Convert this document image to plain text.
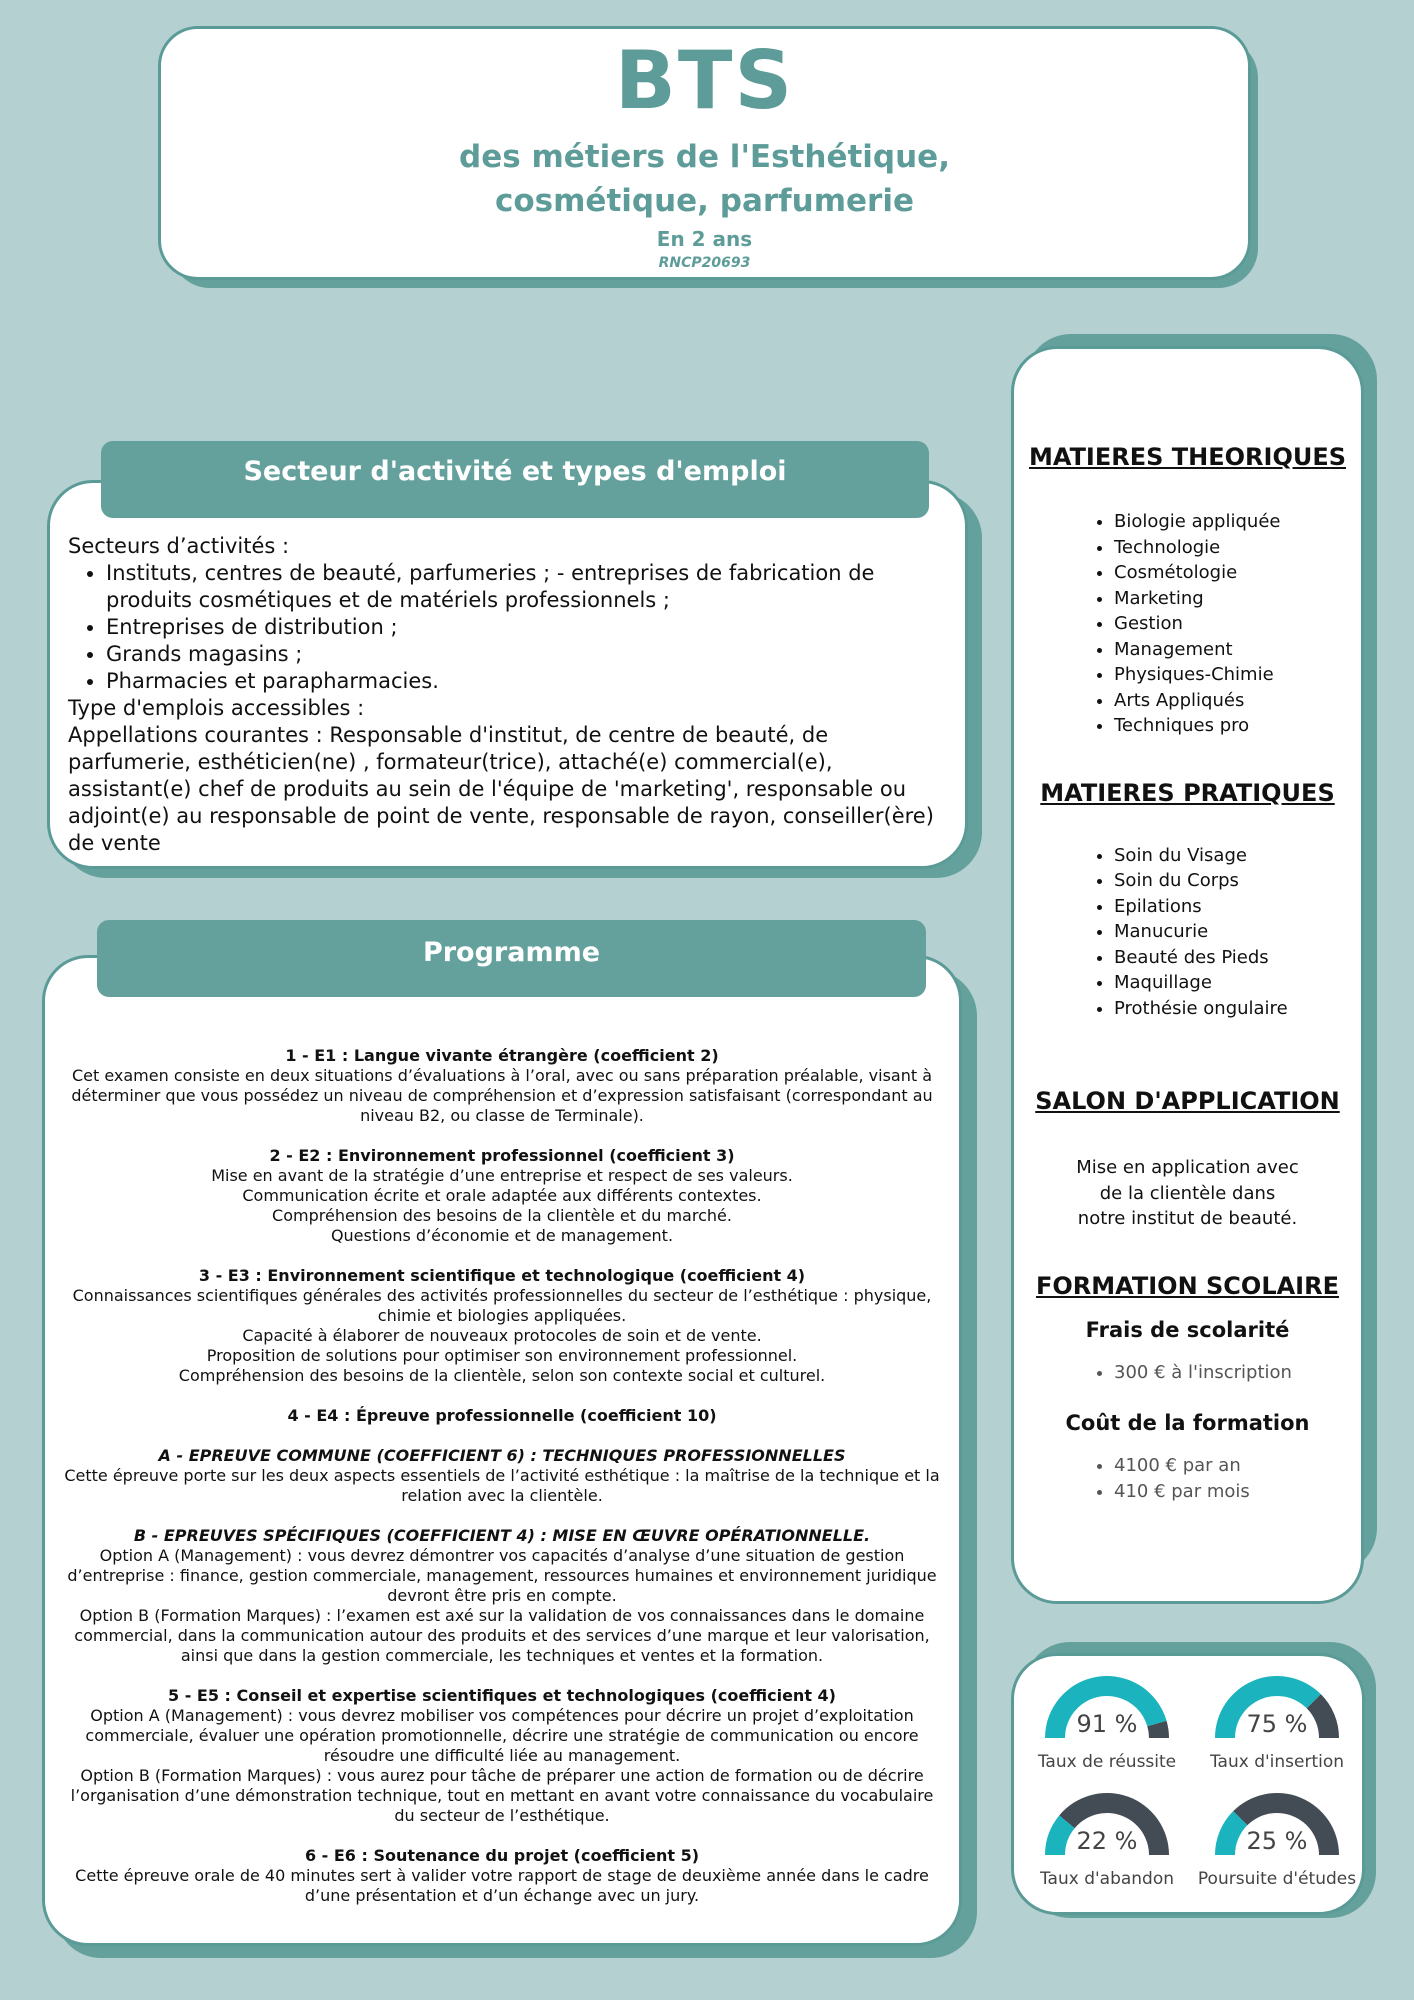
BTS
des métiers de l'Esthétique, cosmétique, parfumerie
En 2 ans
RNCP20693

Secteurs d’activités :

• Instituts, centres de beauté, parfumeries ; - entreprises de fabrication de produits cosmétiques et de matériels professionnels ;
• Entreprises de distribution ;
• Grands magasins ;
• Pharmacies et parapharmacies.

Type d'emplois accessibles :

Appellations courantes : Responsable d'institut, de centre de beauté, de parfumerie, esthéticien(ne) , formateur(trice), attaché(e) commercial(e), assistant(e) chef de produits au sein de l'équipe de 'marketing', responsable ou adjoint(e) au responsable de point de vente, responsable de rayon, conseiller(ère) de vente

Secteur d'activité et types d'emploi
1 - E1 : Langue vivante étrangère (coefficient 2)
Cet examen consiste en deux situations d’évaluations à l’oral, avec ou sans préparation préalable, visant à déterminer que vous possédez un niveau de compréhension et d’expression satisfaisant (correspondant au niveau B2, ou classe de Terminale).
2 - E2 : Environnement professionnel (coefficient 3)
Mise en avant de la stratégie d’une entreprise et respect de ses valeurs.
Communication écrite et orale adaptée aux différents contextes.
Compréhension des besoins de la clientèle et du marché.
Questions d’économie et de management.
3 - E3 : Environnement scientifique et technologique (coefficient 4)
Connaissances scientifiques générales des activités professionnelles du secteur de l’esthétique : physique, chimie et biologies appliquées.
Capacité à élaborer de nouveaux protocoles de soin et de vente.
Proposition de solutions pour optimiser son environnement professionnel.
Compréhension des besoins de la clientèle, selon son contexte social et culturel.
4 - E4 : Épreuve professionnelle (coefficient 10)
A - EPREUVE COMMUNE (COEFFICIENT 6) : TECHNIQUES PROFESSIONNELLES
Cette épreuve porte sur les deux aspects essentiels de l’activité esthétique : la maîtrise de la technique et la relation avec la clientèle.
B - EPREUVES SPÉCIFIQUES (COEFFICIENT 4) : MISE EN ŒUVRE OPÉRATIONNELLE.
Option A (Management) : vous devrez démontrer vos capacités d’analyse d’une situation de gestion d’entreprise : finance, gestion commerciale, management, ressources humaines et environnement juridique devront être pris en compte.
Option B (Formation Marques) : l’examen est axé sur la validation de vos connaissances dans le domaine commercial, dans la communication autour des produits et des services d’une marque et leur valorisation, ainsi que dans la gestion commerciale, les techniques et ventes et la formation.
5 - E5 : Conseil et expertise scientifiques et technologiques (coefficient 4)
Option A (Management) : vous devrez mobiliser vos compétences pour décrire un projet d’exploitation commerciale, évaluer une opération promotionnelle, décrire une stratégie de communication ou encore résoudre une difficulté liée au management.
Option B (Formation Marques) : vous aurez pour tâche de préparer une action de formation ou de décrire l’organisation d’une démonstration technique, tout en mettant en avant votre connaissance du vocabulaire du secteur de l’esthétique.
6 - E6 : Soutenance du projet (coefficient 5)
Cette épreuve orale de 40 minutes sert à valider votre rapport de stage de deuxième année dans le cadre d’une présentation et d’un échange avec un jury.
Programme
MATIERES THEORIQUES
• Biologie appliquée
• Technologie
• Cosmétologie
• Marketing
• Gestion
• Management
• Physiques-Chimie
• Arts Appliqués
• Techniques pro
MATIERES PRATIQUES
• Soin du Visage
• Soin du Corps
• Epilations
• Manucurie
• Beauté des Pieds
• Maquillage
• Prothésie ongulaire
SALON D'APPLICATION
Mise en application avec
de la clientèle dans
notre institut de beauté.
FORMATION SCOLAIRE
Frais de scolarité
• 300 € à l'inscription
Coût de la formation
• 4100 € par an
• 410 € par mois
91 %
Taux de réussite
75 %
Taux d'insertion
22 %
Taux d'abandon
25 %
Poursuite d'études
